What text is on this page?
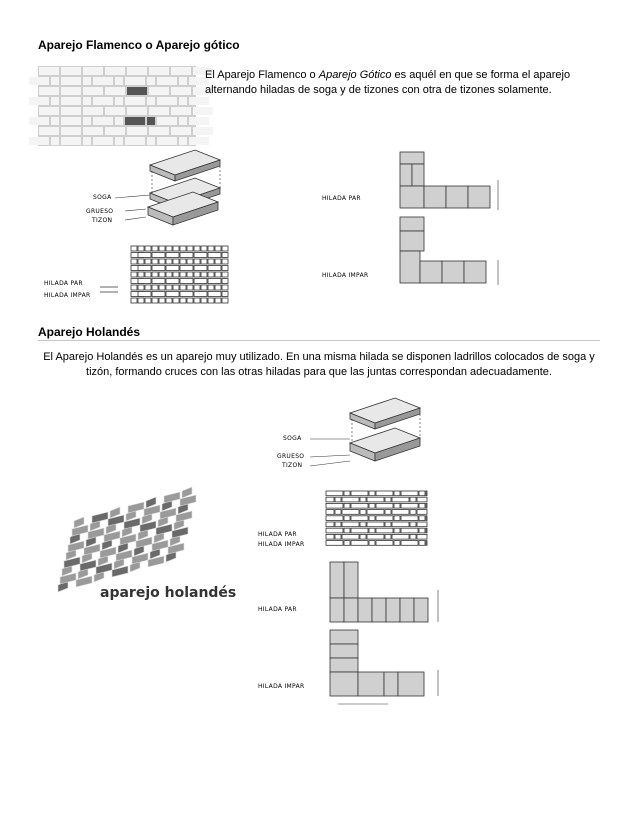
Aparejo Flamenco o Aparejo gótico
El Aparejo Flamenco o Aparejo Gótico es aquél en que se forma el aparejo alternando hiladas de soga y de tizones con otra de tizones solamente.
SOGA
GRUESO
TIZON
HILADA PAR
HILADA IMPAR
HILADA PAR
HILADA IMPAR
Aparejo Holandés
El Aparejo Holandés es un aparejo muy utilizado. En una misma hilada se disponen ladrillos colocados de soga y tizón, formando cruces con las otras hiladas para que las juntas correspondan adecuadamente.
SOGA
GRUESO
TIZON
aparejo holandés
HILADA PAR
HILADA IMPAR
HILADA PAR
HILADA IMPAR
